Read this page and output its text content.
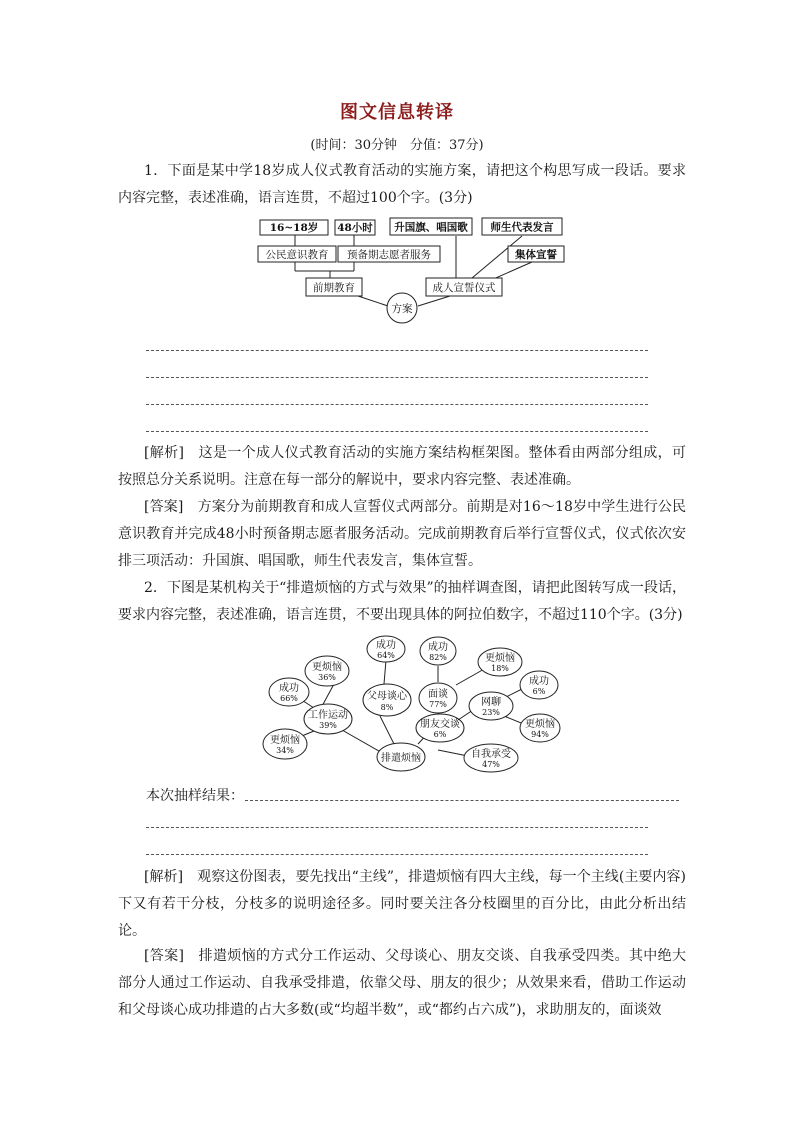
图文信息转译
(时间：30分钟　分值：37分)
1．下面是某中学18岁成人仪式教育活动的实施方案，请把这个构思写成一段话。要求内容完整，表述准确，语言连贯，不超过100个字。(3分)
16~18岁 48小时 升国旗、唱国歌 师生代表发言
公民意识教育 预备期志愿者服务	集体宣誓
前期教育	成人宣誓仪式
方案
[解析]　 这是一个成人仪式教育活动的实施方案结构框架图。整体看由两部分组成，可按照总分关系说明。注意在每一部分的解说中，要求内容完整、表述准确。
[答案]　 方案分为前期教育和成人宣誓仪式两部分。前期是对16～18岁中学生进行公民意识教育并完成48小时预备期志愿者服务活动。完成前期教育后举行宣誓仪式，仪式依次安排三项活动：升国旗、唱国歌，师生代表发言，集体宣誓。
2．下图是某机构关于“排遣烦恼的方式与效果”的抽样调查图，请把此图转写成一段话，要求内容完整，表述准确，语言连贯，不要出现具体的阿拉伯数字，不超过110个字。(3分)
排遣烦恼
工作运动
39%
成功
66%
更烦恼
36%
更烦恼
34%
父母谈心
8%
成功
64%
朋友交谈
6%
面谈
77%
成功
82%	更烦恼
18%
网聊
23%
成功
6%
更烦恼
94%
自我承受
47%
本次抽样结果：
[解析]　 观察这份图表，要先找出“主线”，排遣烦恼有四大主线，每一个主线(主要内容)下又有若干分枝，分枝多的说明途径多。同时要关注各分枝圈里的百分比，由此分析出结论。
[答案]　 排遣烦恼的方式分工作运动、父母谈心、朋友交谈、自我承受四类。其中绝大部分人通过工作运动、自我承受排遣，依靠父母、朋友的很少；从效果来看，借助工作运动和父母谈心成功排遣的占大多数(或“均超半数”，或“都约占六成”)，求助朋友的，面谈效
